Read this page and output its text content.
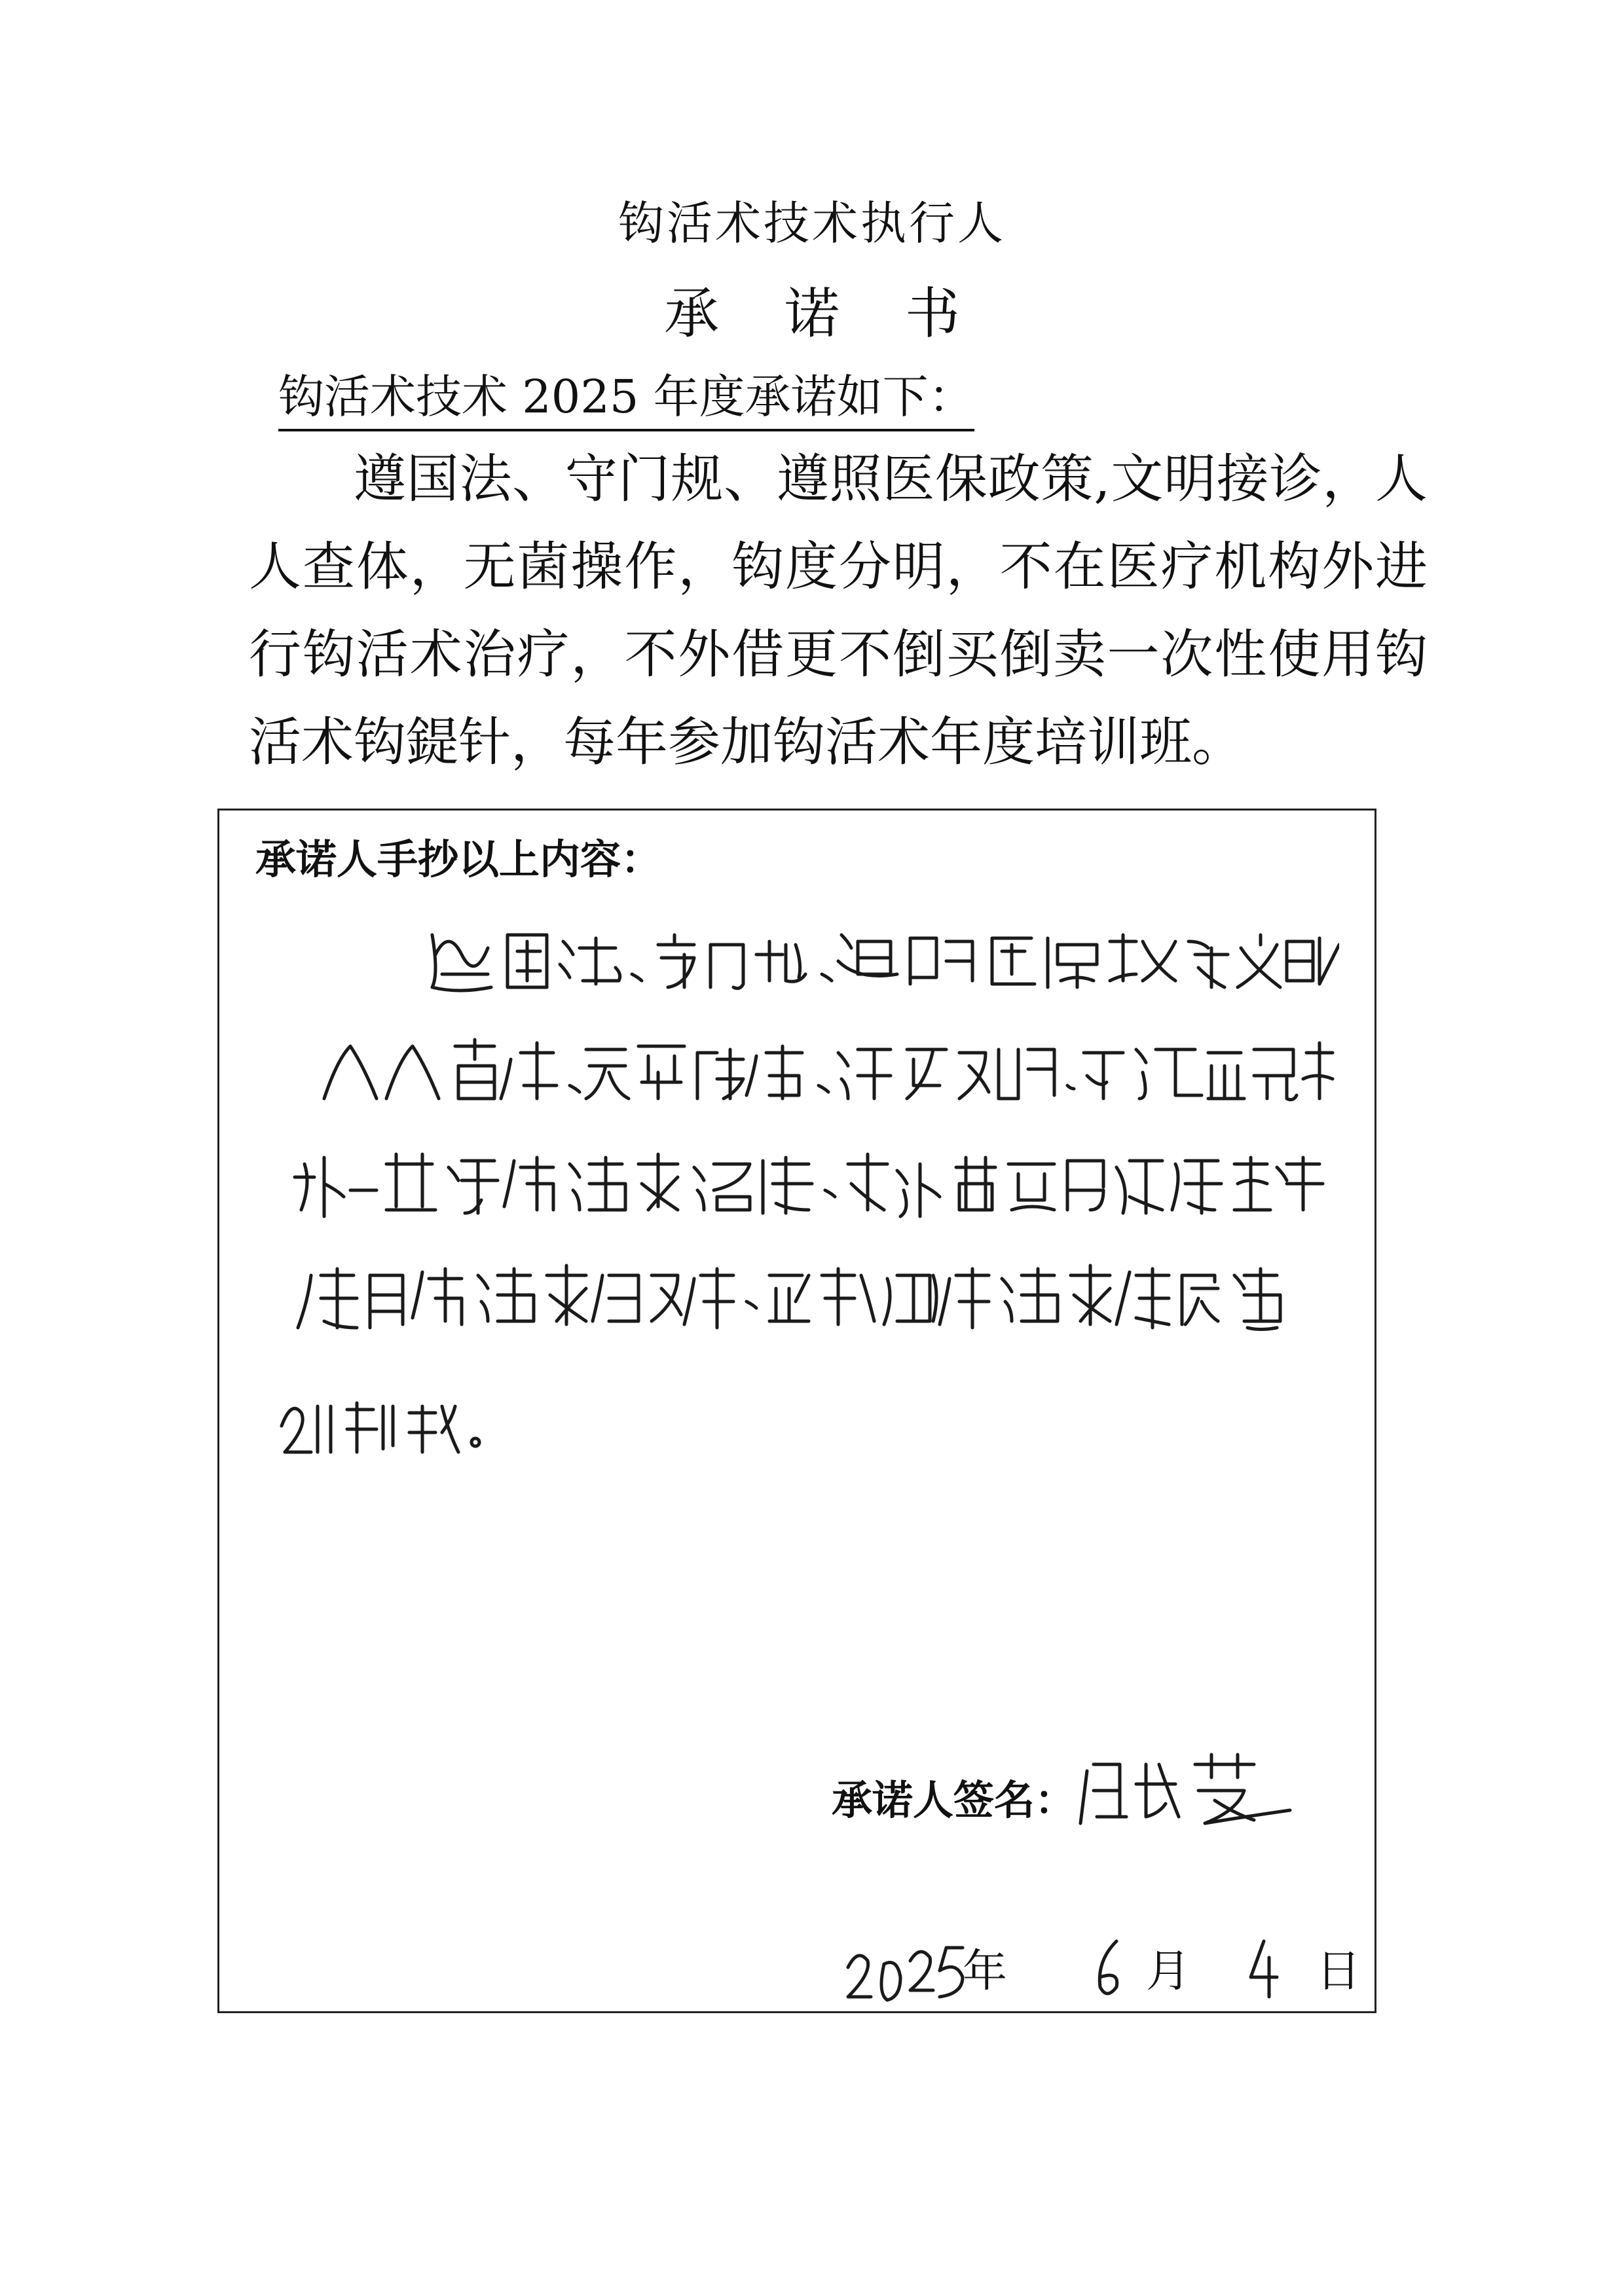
钩活术技术执行人
承诺书
钩活术技术 2025 年度承诺如下：

遵国法、守门规、遵照医保政策,文明接诊，人人查体，无菌操作，钩度分明，不在医疗机构外进行钩活术治疗，不外借更不倒买倒卖一次性使用钩活术钩鍉针，每年参加钩活术年度培训班。

承诺人手抄以上内容：
承诺人签名：
年	月	日
